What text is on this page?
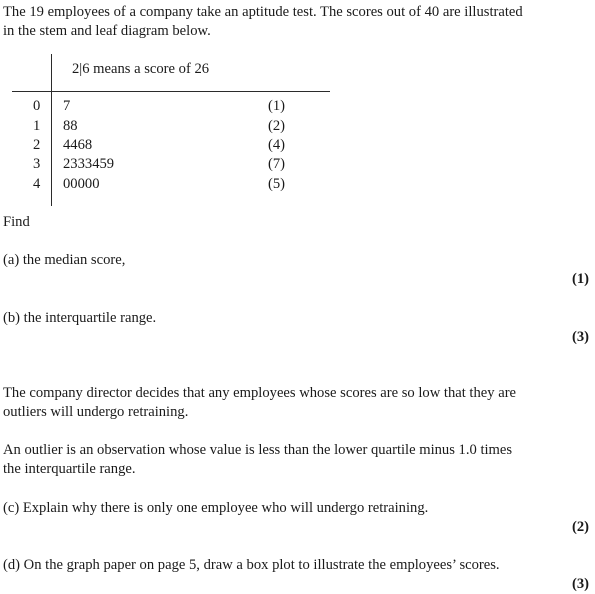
The 19 employees of a company take an aptitude test. The scores out of 40 are illustrated
in the stem and leaf diagram below.
2|6 means a score of 26
0	7	(1)
1	88	(2)
2	4468	(4)
3	2333459	(7)
4	00000	(5)
Find
(a) the median score,
(1)
(b) the interquartile range.
(3)
The company director decides that any employees whose scores are so low that they are
outliers will undergo retraining.
An outlier is an observation whose value is less than the lower quartile minus 1.0 times
the interquartile range.
(c) Explain why there is only one employee who will undergo retraining.
(2)
(d) On the graph paper on page 5, draw a box plot to illustrate the employees’ scores.
(3)
